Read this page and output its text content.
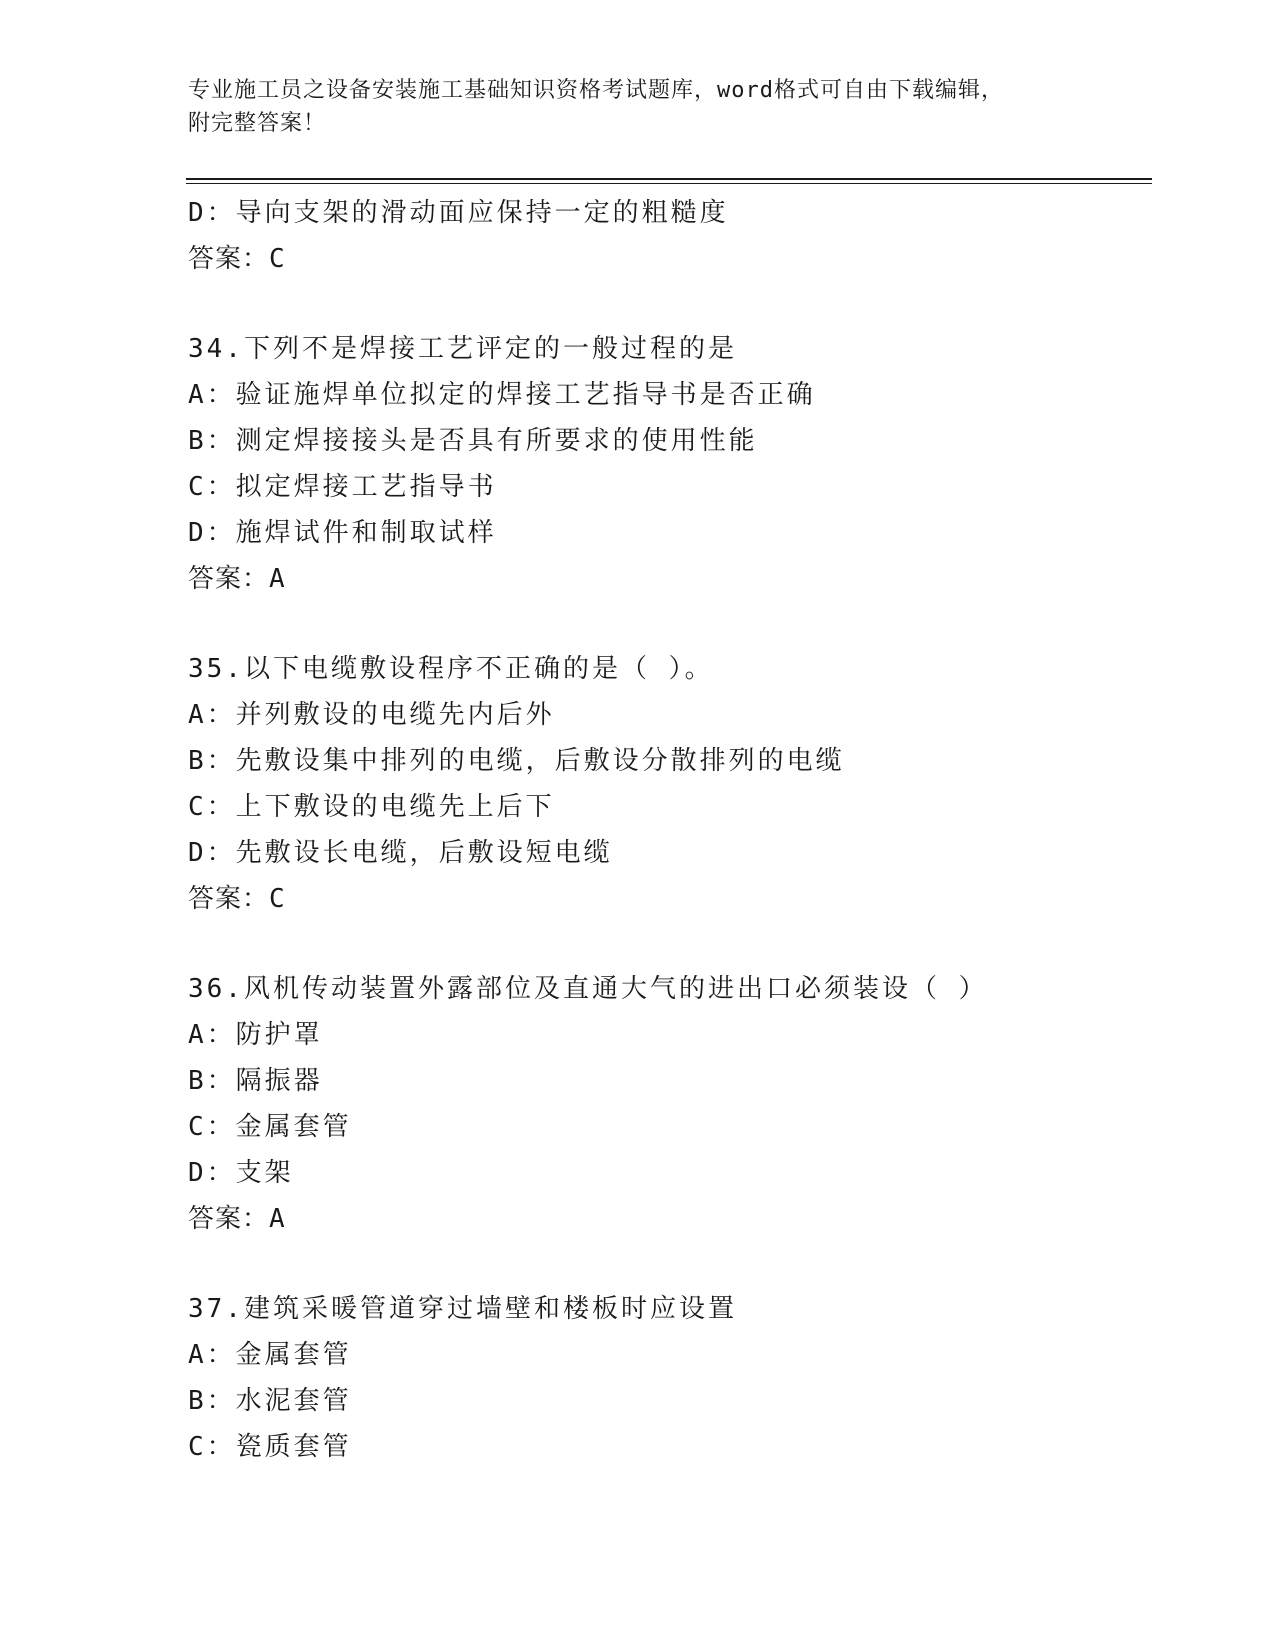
专业施工员之设备安装施工基础知识资格考试题库，word格式可自由下载编辑，
附完整答案！
D：导向支架的滑动面应保持一定的粗糙度
答案：C
34.下列不是焊接工艺评定的一般过程的是
A：验证施焊单位拟定的焊接工艺指导书是否正确
B：测定焊接接头是否具有所要求的使用性能
C：拟定焊接工艺指导书
D：施焊试件和制取试样
答案：A
35.以下电缆敷设程序不正确的是（ ）。
A：并列敷设的电缆先内后外
B：先敷设集中排列的电缆，后敷设分散排列的电缆
C：上下敷设的电缆先上后下
D：先敷设长电缆，后敷设短电缆
答案：C
36.风机传动装置外露部位及直通大气的进出口必须装设（ ）
A：防护罩
B：隔振器
C：金属套管
D：支架
答案：A
37.建筑采暖管道穿过墙壁和楼板时应设置
A：金属套管
B：水泥套管
C：瓷质套管
